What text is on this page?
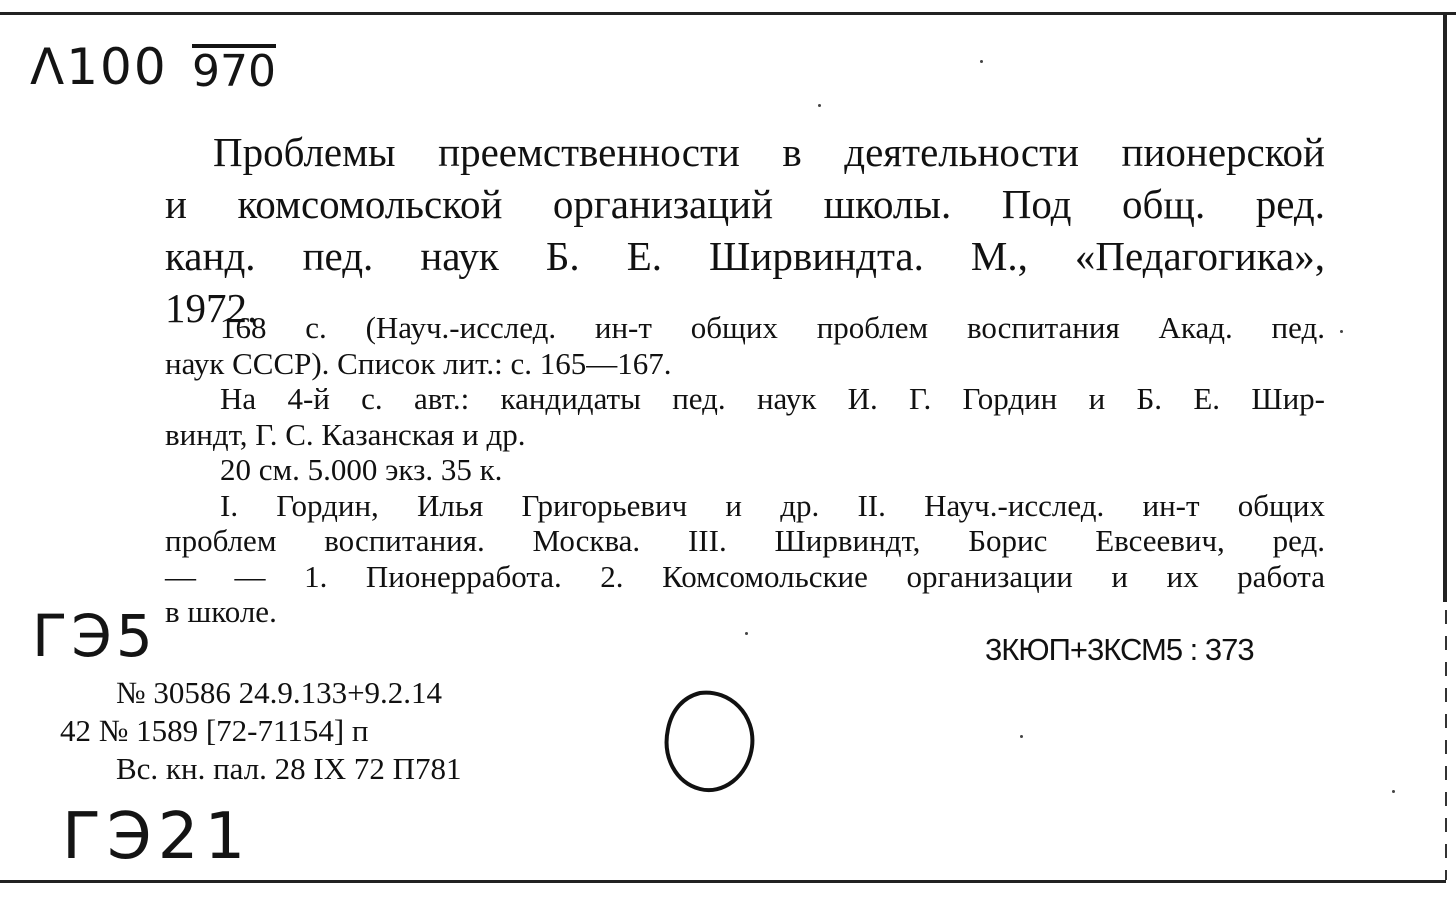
Λ100 970
Проблемы преемственности в деятельности пионерской
и комсомольской организаций школы. Под общ. ред.
канд. пед. наук Б. Е. Ширвиндта. М., «Педагогика»,
1972.
168 с. (Науч.-исслед. ин-т общих проблем воспитания Акад. пед.
наук СССР). Список лит.: с. 165—167.
На 4-й с. авт.: кандидаты пед. наук И. Г. Гордин и Б. Е. Шир-
виндт, Г. С. Казанская и др.
20 см. 5.000 экз. 35 к.
I. Гордин, Илья Григорьевич и др. II. Науч.-исслед. ин-т общих
проблем воспитания. Москва. III. Ширвиндт, Борис Евсеевич, ред.
— — 1. Пионерработа. 2. Комсомольские организации и их работа
в школе.
ГЭ5	3КЮП+3КСМ5 : 373
№ 30586 24.9.133+9.2.14
42 № 1589 [72-71154] п
Вс. кн. пал. 28 IX 72 П781
ГЭ21
